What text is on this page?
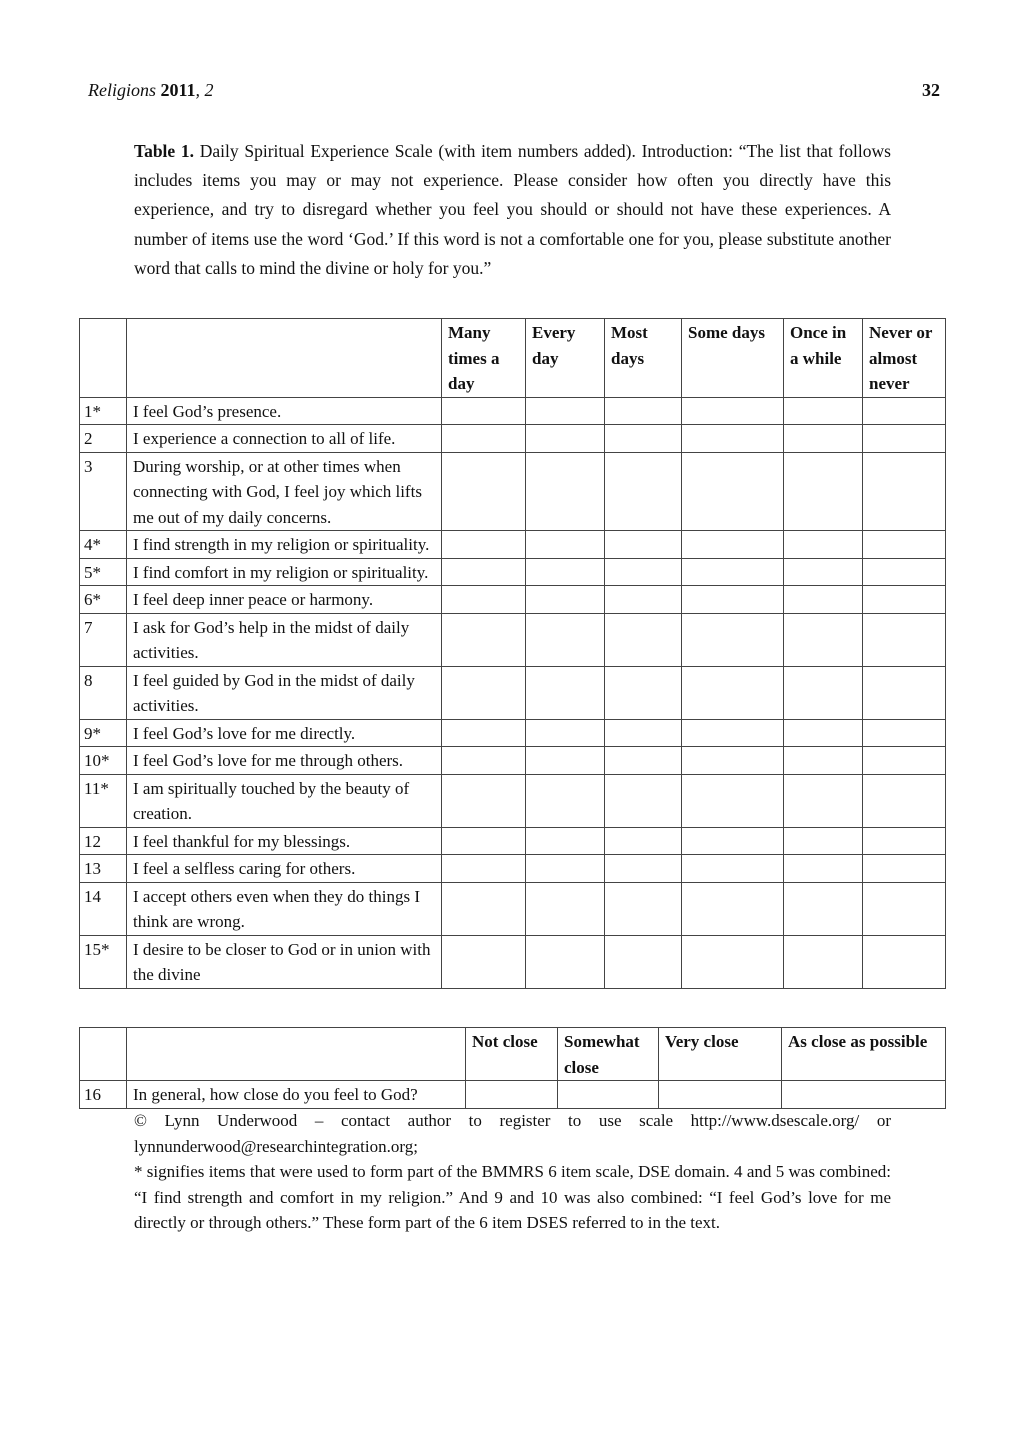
Religions 2011, 2	32
Table 1. Daily Spiritual Experience Scale (with item numbers added). Introduction: “The list that follows includes items you may or may not experience. Please consider how often you directly have this experience, and try to disregard whether you feel you should or should not have these experiences. A number of items use the word ‘God.’ If this word is not a comfortable one for you, please substitute another word that calls to mind the divine or holy for you.”
		Many times a day	Every day	Most days	Some days	Once in a while	Never or almost never
1*	I feel God’s presence.						
2	I experience a connection to all of life.						
3	During worship, or at other times when connecting with God, I feel joy which lifts me out of my daily concerns.						
4*	I find strength in my religion or spirituality.						
5*	I find comfort in my religion or spirituality.						
6*	I feel deep inner peace or harmony.						
7	I ask for God’s help in the midst of daily activities.						
8	I feel guided by God in the midst of daily activities.						
9*	I feel God’s love for me directly.						
10*	I feel God’s love for me through others.						
11*	I am spiritually touched by the beauty of creation.						
12	I feel thankful for my blessings.						
13	I feel a selfless caring for others.						
14	I accept others even when they do things I think are wrong.						
15*	I desire to be closer to God or in union with the divine						
		Not close	Somewhat close	Very close	As close as possible
16	In general, how close do you feel to God?				

© Lynn Underwood – contact author to register to use scale http://www.dsescale.org/ or lynnunderwood@researchintegration.org;

* signifies items that were used to form part of the BMMRS 6 item scale, DSE domain. 4 and 5 was combined: “I find strength and comfort in my religion.” And 9 and 10 was also combined: “I feel God’s love for me directly or through others.” These form part of the 6 item DSES referred to in the text.
